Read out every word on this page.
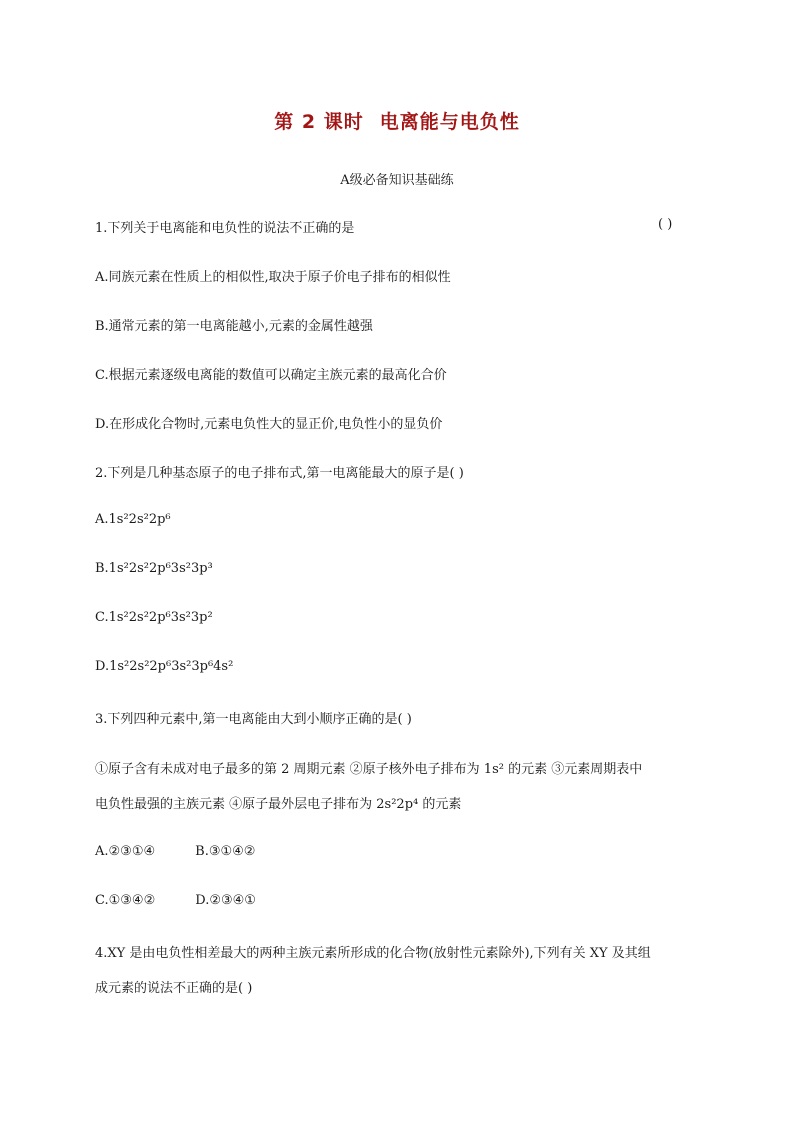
第 2 课时 电离能与电负性
A级必备知识基础练
1.下列关于电离能和电负性的说法不正确的是	( )
A.同族元素在性质上的相似性,取决于原子价电子排布的相似性
B.通常元素的第一电离能越小,元素的金属性越强
C.根据元素逐级电离能的数值可以确定主族元素的最高化合价
D.在形成化合物时,元素电负性大的显正价,电负性小的显负价
2.下列是几种基态原子的电子排布式,第一电离能最大的原子是( )
A.1s²2s²2p⁶
B.1s²2s²2p⁶3s²3p³
C.1s²2s²2p⁶3s²3p²
D.1s²2s²2p⁶3s²3p⁶4s²
3.下列四种元素中,第一电离能由大到小顺序正确的是( )
①原子含有未成对电子最多的第 2 周期元素 ②原子核外电子排布为 1s² 的元素 ③元素周期表中
电负性最强的主族元素 ④原子最外层电子排布为 2s²2p⁴ 的元素
A.②③①④	B.③①④②
C.①③④②	D.②③④①
4.XY 是由电负性相差最大的两种主族元素所形成的化合物(放射性元素除外),下列有关 XY 及其组
成元素的说法不正确的是( )
